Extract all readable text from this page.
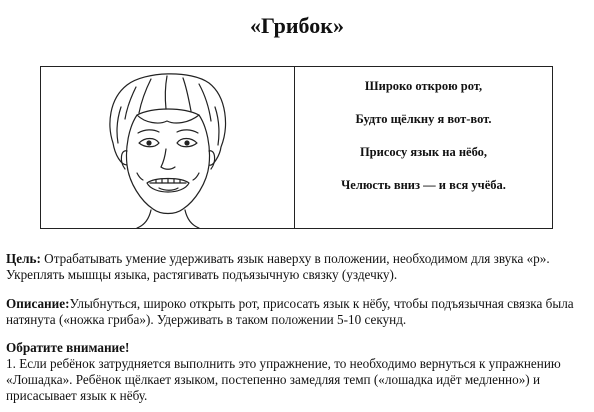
«Грибок»
Широко открою рот,
Будто щёлкну я вот-вот.
Присосу язык на нёбо,
Челюсть вниз — и вся учёба.
Цель: Отрабатывать умение удерживать язык наверху в положении, необходимом для звука «р». Укреплять мышцы языка, растягивать подъязычную связку (уздечку).
Описание:Улыбнуться, широко открыть рот, присосать язык к нёбу, чтобы подъязычная связка была натянута («ножка гриба»). Удерживать в таком положении 5-10 секунд.
Обратите внимание!
1. Если ребёнок затрудняется выполнить это упражнение, то необходимо вернуться к упражнению «Лошадка». Ребёнок щёлкает языком, постепенно замедляя темп («лошадка идёт медленно») и присасывает язык к нёбу.
